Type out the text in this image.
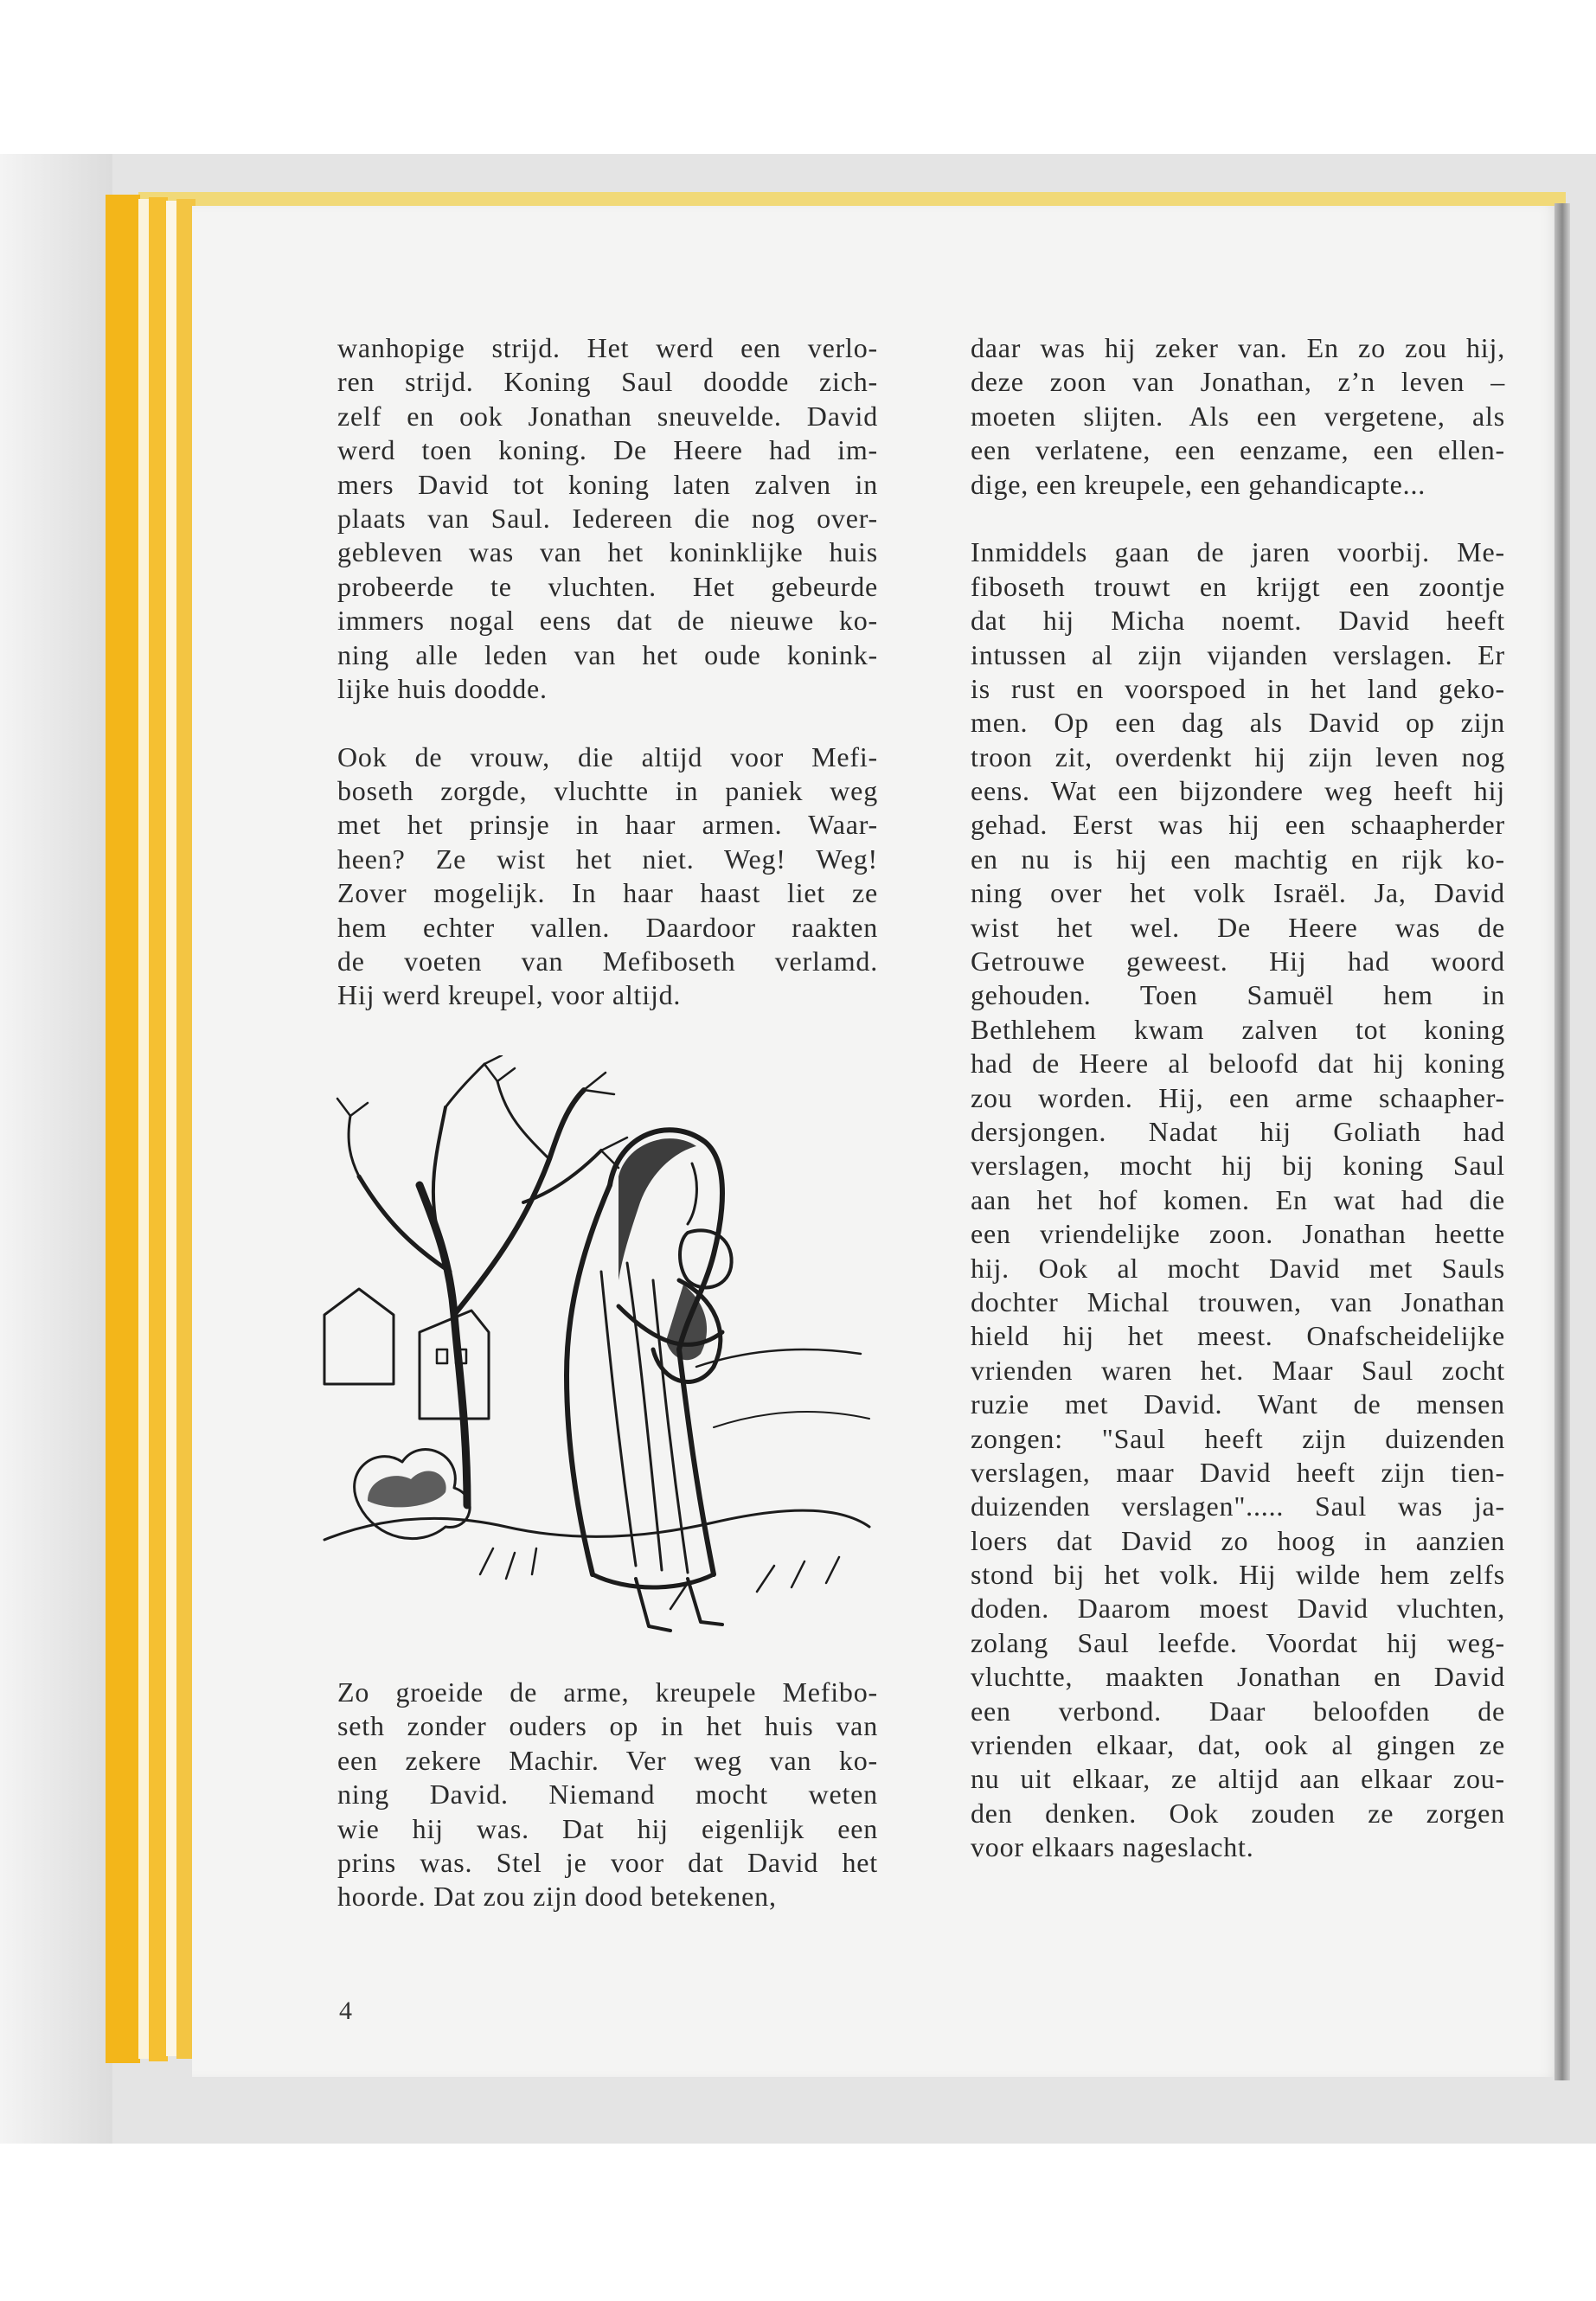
wanhopige strijd. Het werd een verlo-
ren strijd. Koning Saul doodde zich-
zelf en ook Jonathan sneuvelde. David
werd toen koning. De Heere had im-
mers David tot koning laten zalven in
plaats van Saul. Iedereen die nog over-
gebleven was van het koninklijke huis
probeerde te vluchten. Het gebeurde
immers nogal eens dat de nieuwe ko-
ning alle leden van het oude konink-
lijke huis doodde.
Ook de vrouw, die altijd voor Mefi-
boseth zorgde, vluchtte in paniek weg
met het prinsje in haar armen. Waar-
heen? Ze wist het niet. Weg! Weg!
Zover mogelijk. In haar haast liet ze
hem echter vallen. Daardoor raakten
de voeten van Mefiboseth verlamd.
Hij werd kreupel, voor altijd.
Zo groeide de arme, kreupele Mefibo-
seth zonder ouders op in het huis van
een zekere Machir. Ver weg van ko-
ning David. Niemand mocht weten
wie hij was. Dat hij eigenlijk een
prins was. Stel je voor dat David het
hoorde. Dat zou zijn dood betekenen,
daar was hij zeker van. En zo zou hij,
deze zoon van Jonathan, z’n leven –
moeten slijten. Als een vergetene, als
een verlatene, een eenzame, een ellen-
dige, een kreupele, een gehandicapte...
Inmiddels gaan de jaren voorbij. Me-
fiboseth trouwt en krijgt een zoontje
dat hij Micha noemt. David heeft
intussen al zijn vijanden verslagen. Er
is rust en voorspoed in het land geko-
men. Op een dag als David op zijn
troon zit, overdenkt hij zijn leven nog
eens. Wat een bijzondere weg heeft hij
gehad. Eerst was hij een schaapherder
en nu is hij een machtig en rijk ko-
ning over het volk Israël. Ja, David
wist het wel. De Heere was de
Getrouwe geweest. Hij had woord
gehouden. Toen Samuël hem in
Bethlehem kwam zalven tot koning
had de Heere al beloofd dat hij koning
zou worden. Hij, een arme schaapher-
dersjongen. Nadat hij Goliath had
verslagen, mocht hij bij koning Saul
aan het hof komen. En wat had die
een vriendelijke zoon. Jonathan heette
hij. Ook al mocht David met Sauls
dochter Michal trouwen, van Jonathan
hield hij het meest. Onafscheidelijke
vrienden waren het. Maar Saul zocht
ruzie met David. Want de mensen
zongen: "Saul heeft zijn duizenden
verslagen, maar David heeft zijn tien-
duizenden verslagen"..... Saul was ja-
loers dat David zo hoog in aanzien
stond bij het volk. Hij wilde hem zelfs
doden. Daarom moest David vluchten,
zolang Saul leefde. Voordat hij weg-
vluchtte, maakten Jonathan en David
een verbond. Daar beloofden de
vrienden elkaar, dat, ook al gingen ze
nu uit elkaar, ze altijd aan elkaar zou-
den denken. Ook zouden ze zorgen
voor elkaars nageslacht.
4
